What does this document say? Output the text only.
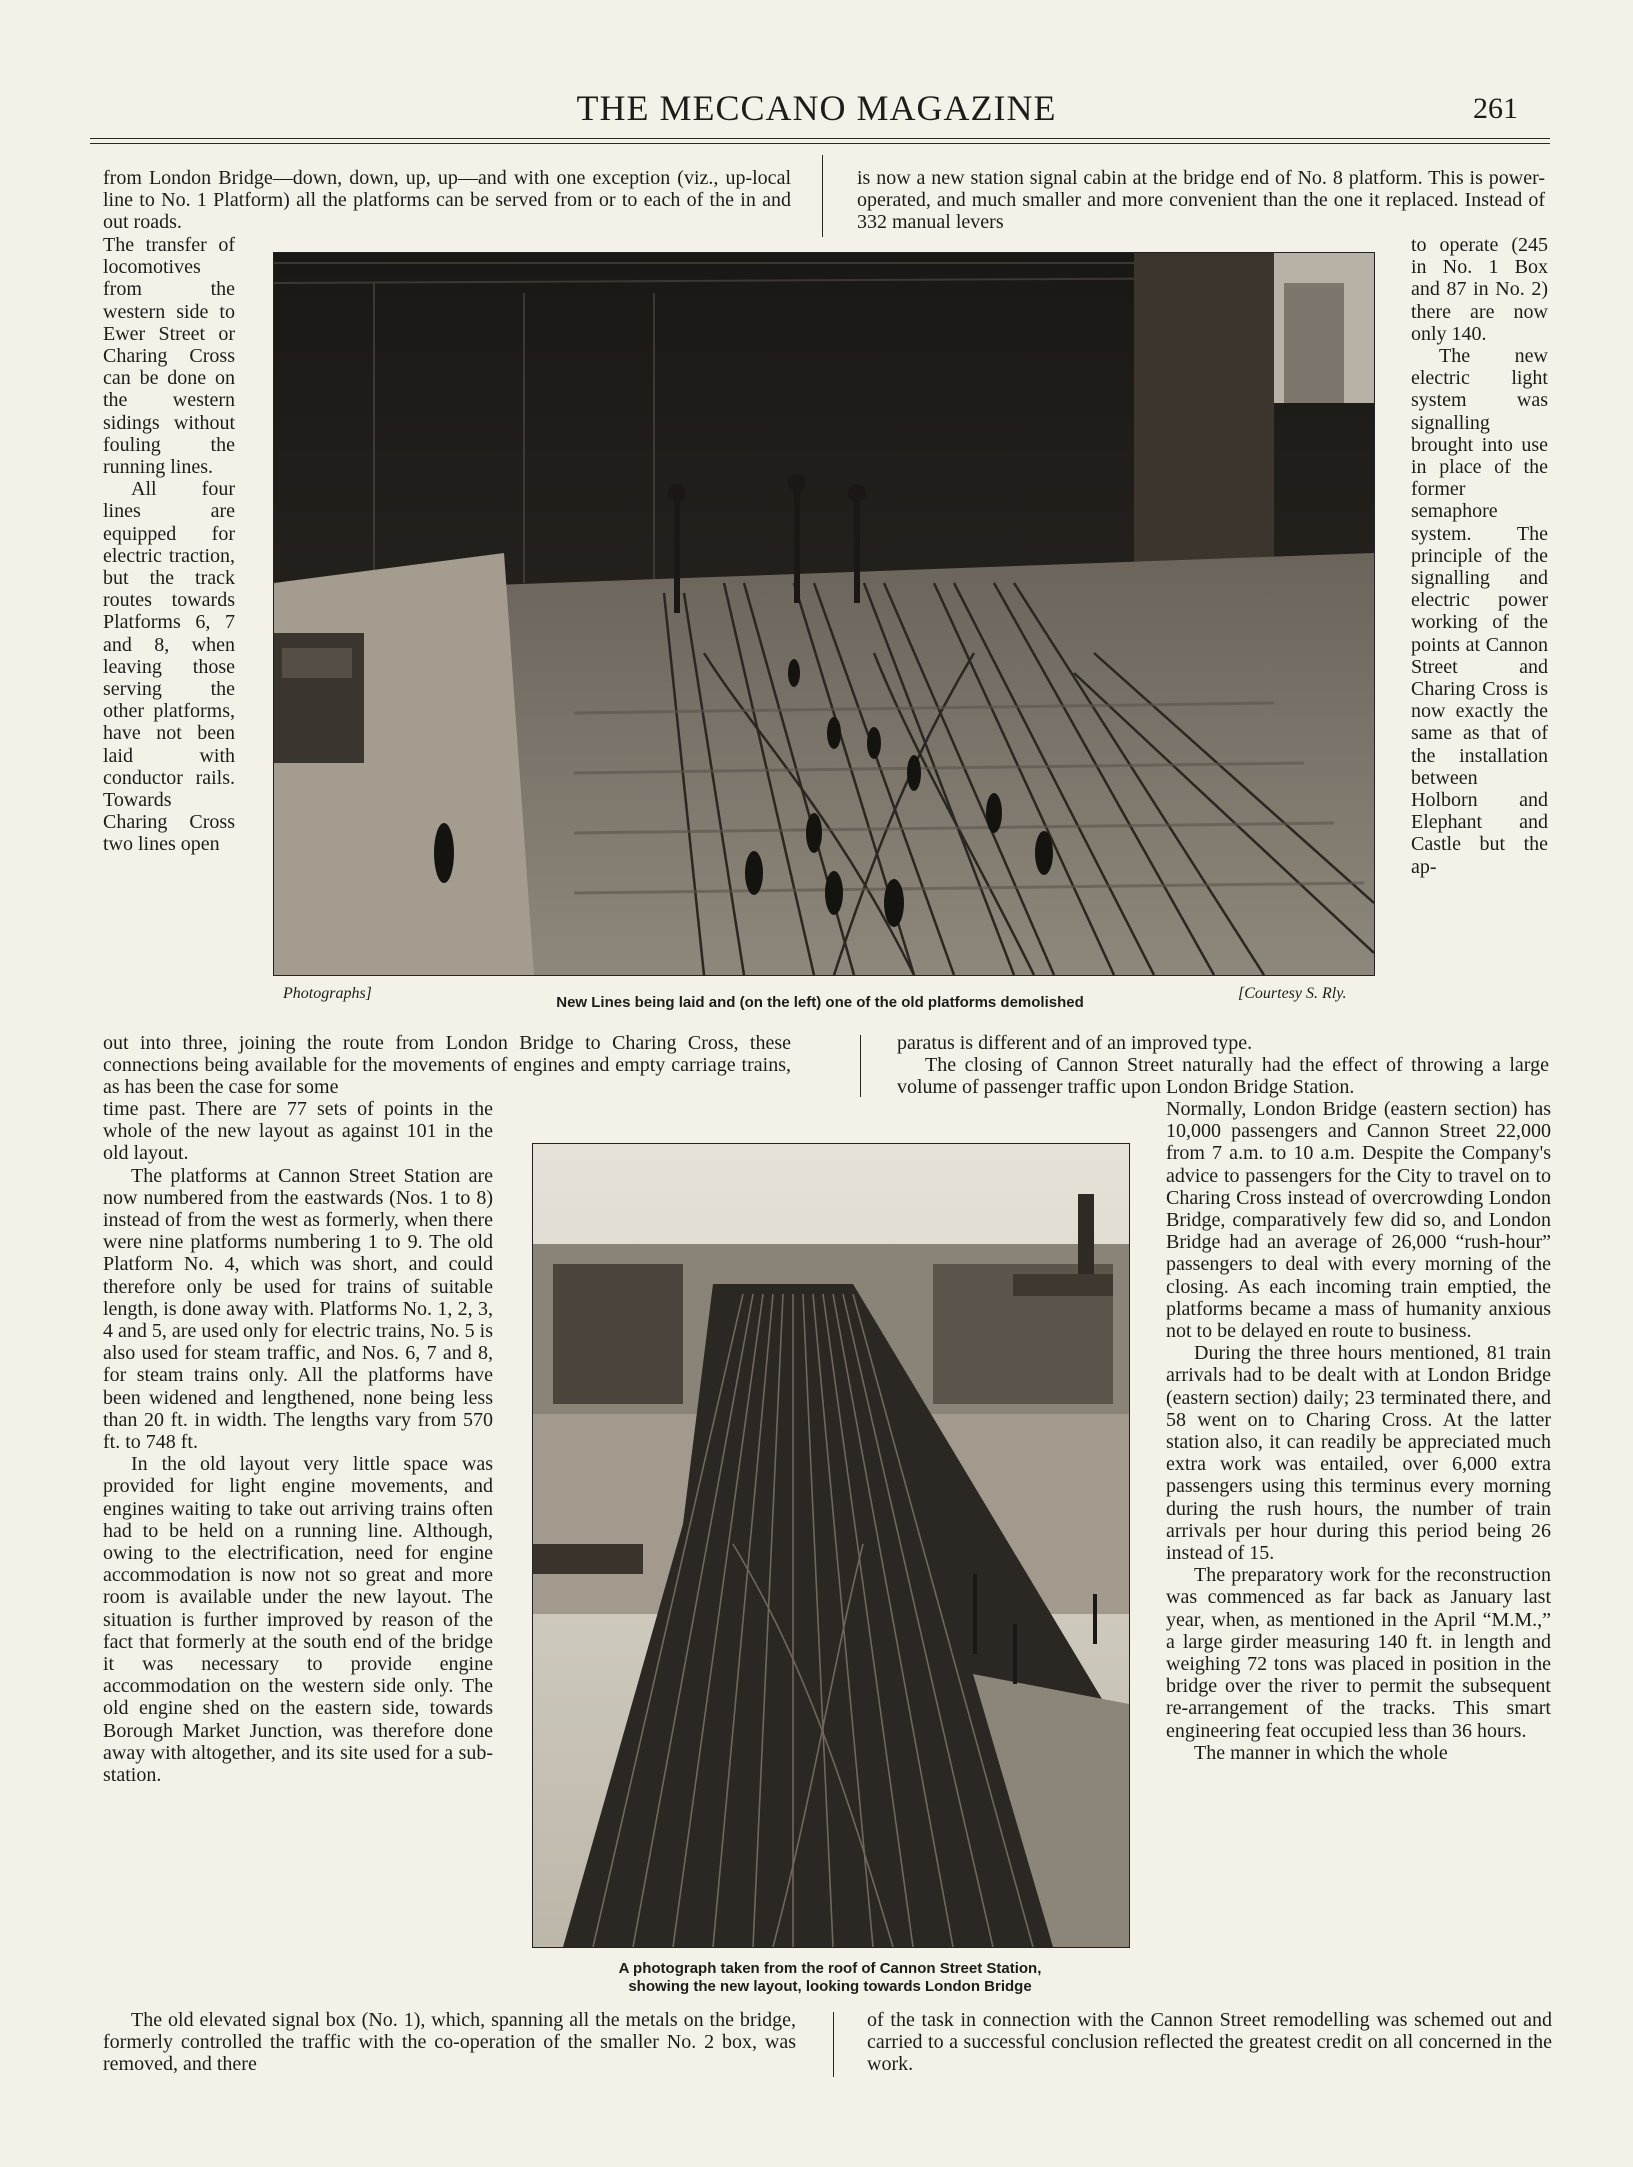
THE MECCANO MAGAZINE	261
from London Bridge—down, down, up, up—and with one exception (viz., up-local line to No. 1 Platform) all the platforms can be served from or to each of the in and out roads.
is now a new station signal cabin at the bridge end of No. 8 platform. This is power-operated, and much smaller and more convenient than the one it replaced. Instead of 332 manual levers

The transfer of locomotives from the western side to Ewer Street or Charing Cross can be done on the western sidings without fouling the running lines.

All four lines are equipped for electric traction, but the track routes towards Platforms 6, 7 and 8, when leaving those serving the other platforms, have not been laid with conductor rails. Towards Charing Cross two lines open

to operate (245 in No. 1 Box and 87 in No. 2) there are now only 140.

The new electric light system was signalling brought into use in place of the former semaphore system. The principle of the signalling and electric power working of the points at Cannon Street and Charing Cross is now exactly the same as that of the installation between Holborn and Elephant and Castle but the ap-

Photographs]
New Lines being laid and (on the left) one of the old platforms demolished
[Courtesy S. Rly.
out into three, joining the route from London Bridge to Charing Cross, these connections being available for the movements of engines and empty carriage trains, as has been the case for some

paratus is different and of an improved type.

The closing of Cannon Street naturally had the effect of throwing a large volume of passenger traffic upon London Bridge Station.

time past. There are 77 sets of points in the whole of the new layout as against 101 in the old layout.

The platforms at Cannon Street Station are now numbered from the eastwards (Nos. 1 to 8) instead of from the west as formerly, when there were nine platforms numbering 1 to 9. The old Platform No. 4, which was short, and could therefore only be used for trains of suitable length, is done away with. Platforms No. 1, 2, 3, 4 and 5, are used only for electric trains, No. 5 is also used for steam traffic, and Nos. 6, 7 and 8, for steam trains only. All the platforms have been widened and lengthened, none being less than 20 ft. in width. The lengths vary from 570 ft. to 748 ft.

In the old layout very little space was provided for light engine movements, and engines waiting to take out arriving trains often had to be held on a running line. Although, owing to the electrification, need for engine accommodation is now not so great and more room is available under the new layout. The situation is further improved by reason of the fact that formerly at the south end of the bridge it was necessary to provide engine accommodation on the western side only. The old engine shed on the eastern side, towards Borough Market Junction, was therefore done away with altogether, and its site used for a sub-station.

A photograph taken from the roof of Cannon Street Station,
showing the new layout, looking towards London Bridge

Normally, London Bridge (eastern section) has 10,000 passengers and Cannon Street 22,000 from 7 a.m. to 10 a.m. Despite the Company's advice to passengers for the City to travel on to Charing Cross instead of overcrowding London Bridge, comparatively few did so, and London Bridge had an average of 26,000 “rush-hour” passengers to deal with every morning of the closing. As each incoming train emptied, the platforms became a mass of humanity anxious not to be delayed en route to business.

During the three hours mentioned, 81 train arrivals had to be dealt with at London Bridge (eastern section) daily; 23 terminated there, and 58 went on to Charing Cross. At the latter station also, it can readily be appreciated much extra work was entailed, over 6,000 extra passengers using this terminus every morning during the rush hours, the number of train arrivals per hour during this period being 26 instead of 15.

The preparatory work for the reconstruction was commenced as far back as January last year, when, as mentioned in the April “M.M.,” a large girder measuring 140 ft. in length and weighing 72 tons was placed in position in the bridge over the river to permit the subsequent re-arrangement of the tracks. This smart engineering feat occupied less than 36 hours.

The manner in which the whole

The old elevated signal box (No. 1), which, spanning all the metals on the bridge, formerly controlled the traffic with the co-operation of the smaller No. 2 box, was removed, and there
of the task in connection with the Cannon Street remodelling was schemed out and carried to a successful conclusion reflected the greatest credit on all concerned in the work.
